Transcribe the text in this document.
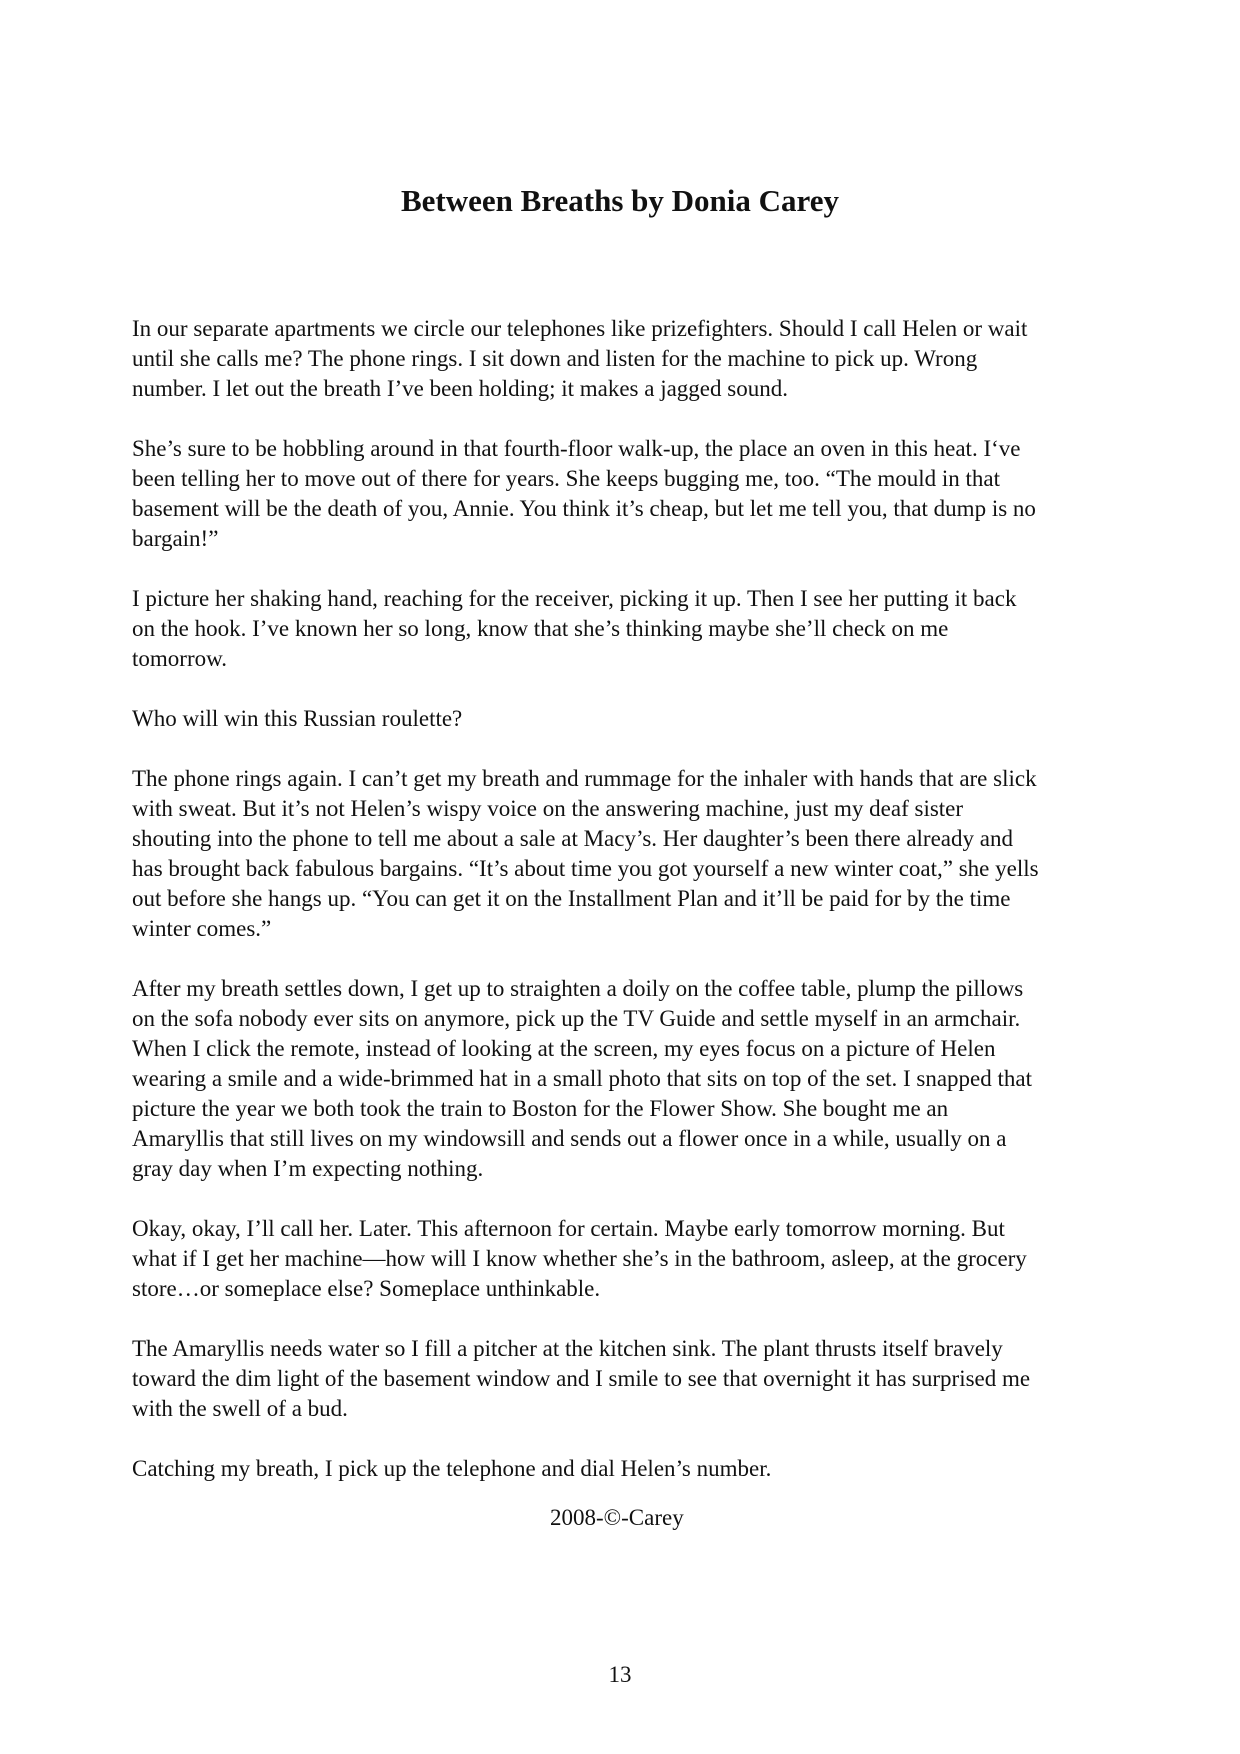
Between Breaths by Donia Carey

In our separate apartments we circle our telephones like prizefighters. Should I call Helen or wait
until she calls me? The phone rings. I sit down and listen for the machine to pick up. Wrong
number. I let out the breath I’ve been holding; it makes a jagged sound.

She’s sure to be hobbling around in that fourth-floor walk-up, the place an oven in this heat. I‘ve
been telling her to move out of there for years. She keeps bugging me, too. “The mould in that
basement will be the death of you, Annie. You think it’s cheap, but let me tell you, that dump is no
bargain!”

I picture her shaking hand, reaching for the receiver, picking it up. Then I see her putting it back
on the hook. I’ve known her so long, know that she’s thinking maybe she’ll check on me
tomorrow.

Who will win this Russian roulette?

The phone rings again. I can’t get my breath and rummage for the inhaler with hands that are slick
with sweat. But it’s not Helen’s wispy voice on the answering machine, just my deaf sister
shouting into the phone to tell me about a sale at Macy’s. Her daughter’s been there already and
has brought back fabulous bargains. “It’s about time you got yourself a new winter coat,” she yells
out before she hangs up. “You can get it on the Installment Plan and it’ll be paid for by the time
winter comes.”

After my breath settles down, I get up to straighten a doily on the coffee table, plump the pillows
on the sofa nobody ever sits on anymore, pick up the TV Guide and settle myself in an armchair.
When I click the remote, instead of looking at the screen, my eyes focus on a picture of Helen
wearing a smile and a wide-brimmed hat in a small photo that sits on top of the set. I snapped that
picture the year we both took the train to Boston for the Flower Show. She bought me an
Amaryllis that still lives on my windowsill and sends out a flower once in a while, usually on a
gray day when I’m expecting nothing.

Okay, okay, I’ll call her. Later. This afternoon for certain. Maybe early tomorrow morning. But
what if I get her machine—how will I know whether she’s in the bathroom, asleep, at the grocery
store…or someplace else? Someplace unthinkable.

The Amaryllis needs water so I fill a pitcher at the kitchen sink. The plant thrusts itself bravely
toward the dim light of the basement window and I smile to see that overnight it has surprised me
with the swell of a bud.

Catching my breath, I pick up the telephone and dial Helen’s number.

2008-©-Carey

13
